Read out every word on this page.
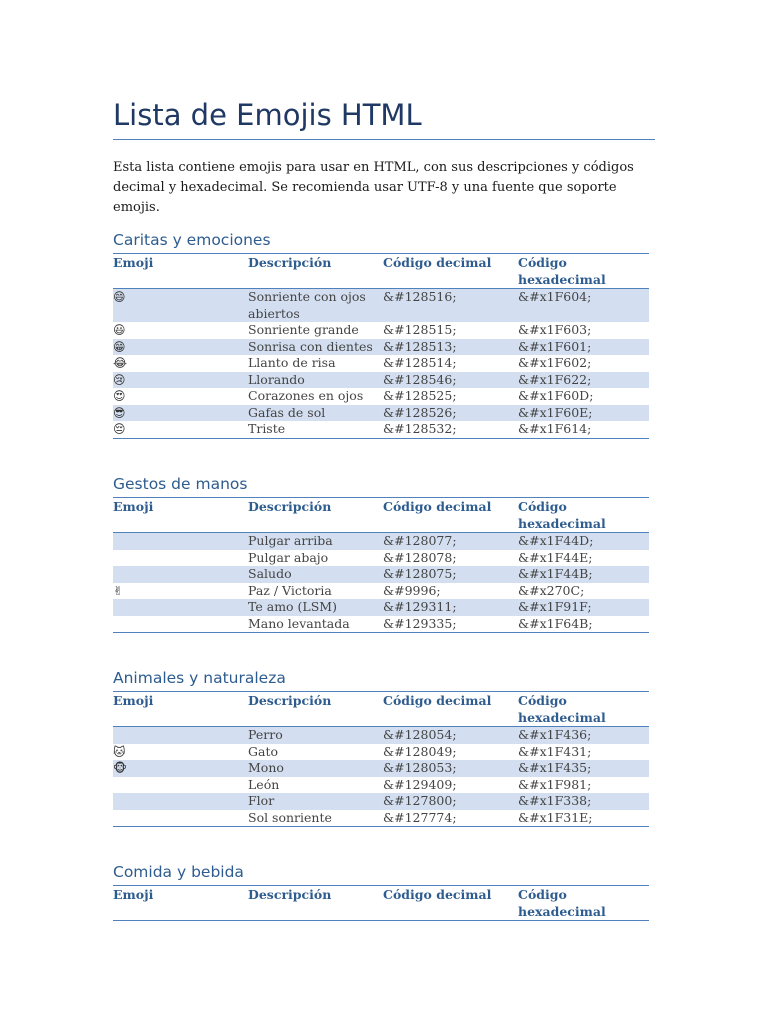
Lista de Emojis HTML

Esta lista contiene emojis para usar en HTML, con sus descripciones y códigos decimal y hexadecimal. Se recomienda usar UTF-8 y una fuente que soporte emojis.

Caritas y emociones
Emoji	Descripción	Código decimal	Código hexadecimal
😄	Sonriente con ojos abiertos	&#128516;	&#x1F604;
😃	Sonriente grande	&#128515;	&#x1F603;
😁	Sonrisa con dientes	&#128513;	&#x1F601;
😂	Llanto de risa	&#128514;	&#x1F602;
😢	Llorando	&#128546;	&#x1F622;
😍	Corazones en ojos	&#128525;	&#x1F60D;
😎	Gafas de sol	&#128526;	&#x1F60E;
😔	Triste	&#128532;	&#x1F614;
Gestos de manos
Emoji	Descripción	Código decimal	Código hexadecimal
	Pulgar arriba	&#128077;	&#x1F44D;
	Pulgar abajo	&#128078;	&#x1F44E;
	Saludo	&#128075;	&#x1F44B;
✌	Paz / Victoria	&#9996;	&#x270C;
	Te amo (LSM)	&#129311;	&#x1F91F;
	Mano levantada	&#129335;	&#x1F64B;
Animales y naturaleza
Emoji	Descripción	Código decimal	Código hexadecimal
	Perro	&#128054;	&#x1F436;
🐱	Gato	&#128049;	&#x1F431;
🐵	Mono	&#128053;	&#x1F435;
	León	&#129409;	&#x1F981;
	Flor	&#127800;	&#x1F338;
	Sol sonriente	&#127774;	&#x1F31E;
Comida y bebida
Emoji	Descripción	Código decimal	Código hexadecimal
